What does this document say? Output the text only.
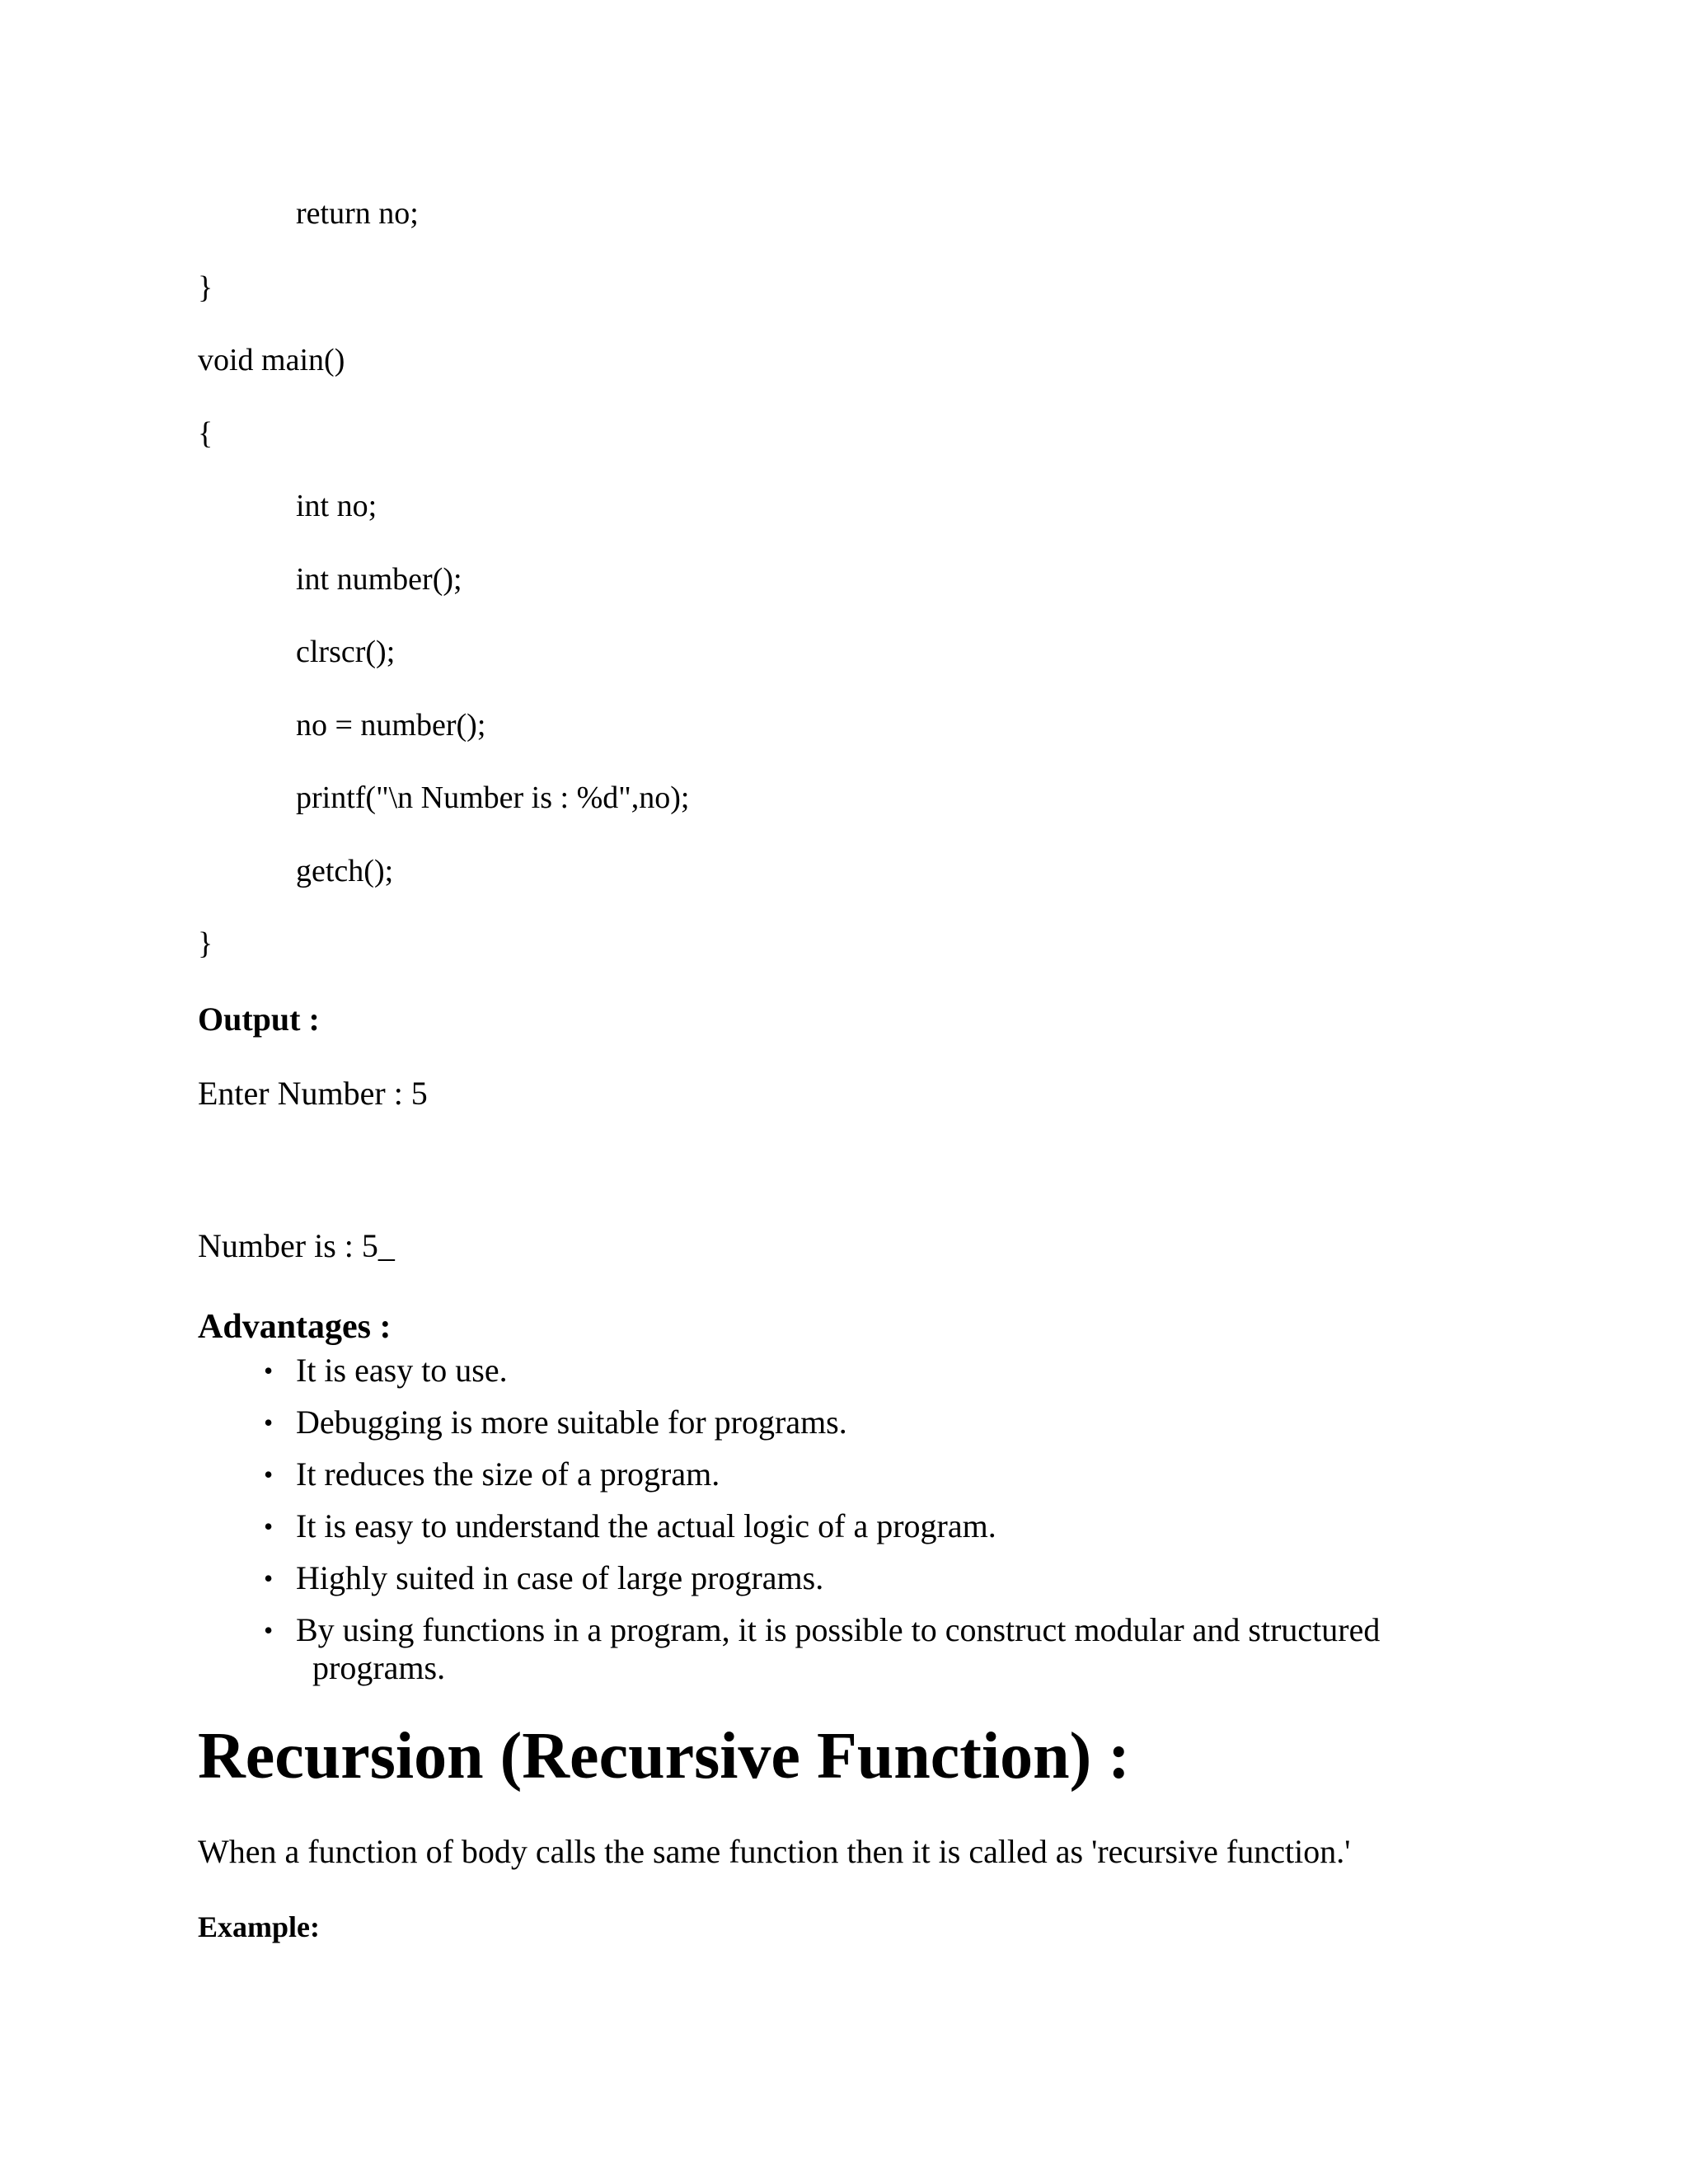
return no;
}
void main()
{
int no;
int number();
clrscr();
no = number();
printf("\n Number is : %d",no);
getch();
}
Output :
Enter Number : 5
Number is : 5_
Advantages :
• It is easy to use.
• Debugging is more suitable for programs.
• It reduces the size of a program.
• It is easy to understand the actual logic of a program.
• Highly suited in case of large programs.
• By using functions in a program, it is possible to construct modular and structured
programs.
Recursion (Recursive Function) :
When a function of body calls the same function then it is called as 'recursive function.'
Example:
